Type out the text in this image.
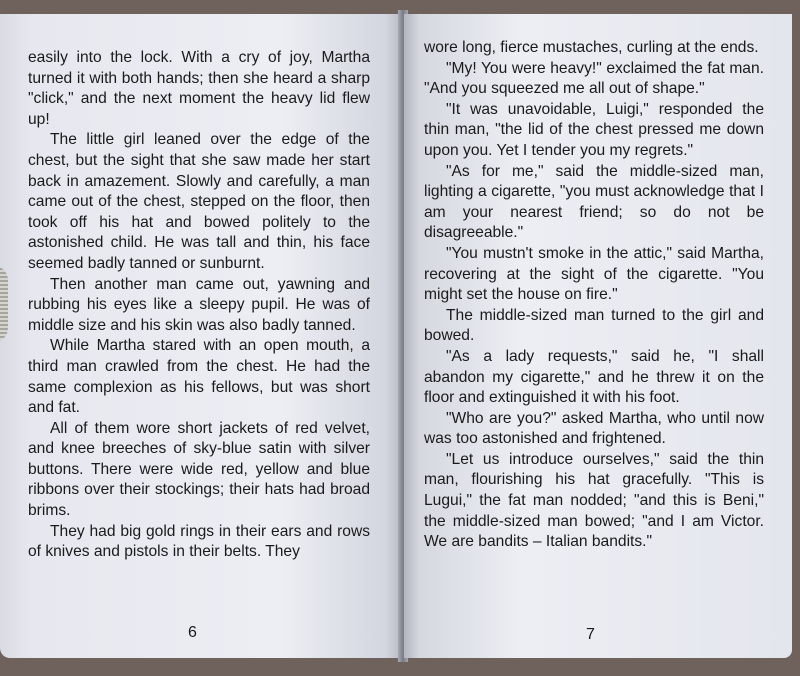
easily into the lock. With a cry of joy, Martha turned it with both hands; then she heard a sharp "click," and the next moment the heavy lid flew up!

The little girl leaned over the edge of the chest, but the sight that she saw made her start back in amazement. Slowly and carefully, a man came out of the chest, stepped on the floor, then took off his hat and bowed politely to the astonished child. He was tall and thin, his face seemed badly tanned or sunburnt.

Then another man came out, yawning and rubbing his eyes like a sleepy pupil. He was of middle size and his skin was also badly tanned.

While Martha stared with an open mouth, a third man crawled from the chest. He had the same complexion as his fellows, but was short and fat.

All of them wore short jackets of red velvet, and knee breeches of sky-blue satin with silver buttons. There were wide red, yellow and blue ribbons over their stockings; their hats had broad brims.

They had big gold rings in their ears and rows of knives and pistols in their belts. They

6

wore long, fierce mustaches, curling at the ends.

"My! You were heavy!" exclaimed the fat man. "And you squeezed me all out of shape."

"It was unavoidable, Luigi," responded the thin man, "the lid of the chest pressed me down upon you. Yet I tender you my regrets."

"As for me," said the middle-sized man, lighting a cigarette, "you must acknowledge that I am your nearest friend; so do not be disagreeable."

"You mustn't smoke in the attic," said Martha, recovering at the sight of the cigarette. "You might set the house on fire."

The middle-sized man turned to the girl and bowed.

"As a lady requests," said he, "I shall abandon my cigarette," and he threw it on the floor and extinguished it with his foot.

"Who are you?" asked Martha, who until now was too astonished and frightened.

"Let us introduce ourselves," said the thin man, flourishing his hat gracefully. "This is Lugui," the fat man nodded; "and this is Beni," the middle-sized man bowed; "and I am Victor. We are bandits – Italian bandits."

7
